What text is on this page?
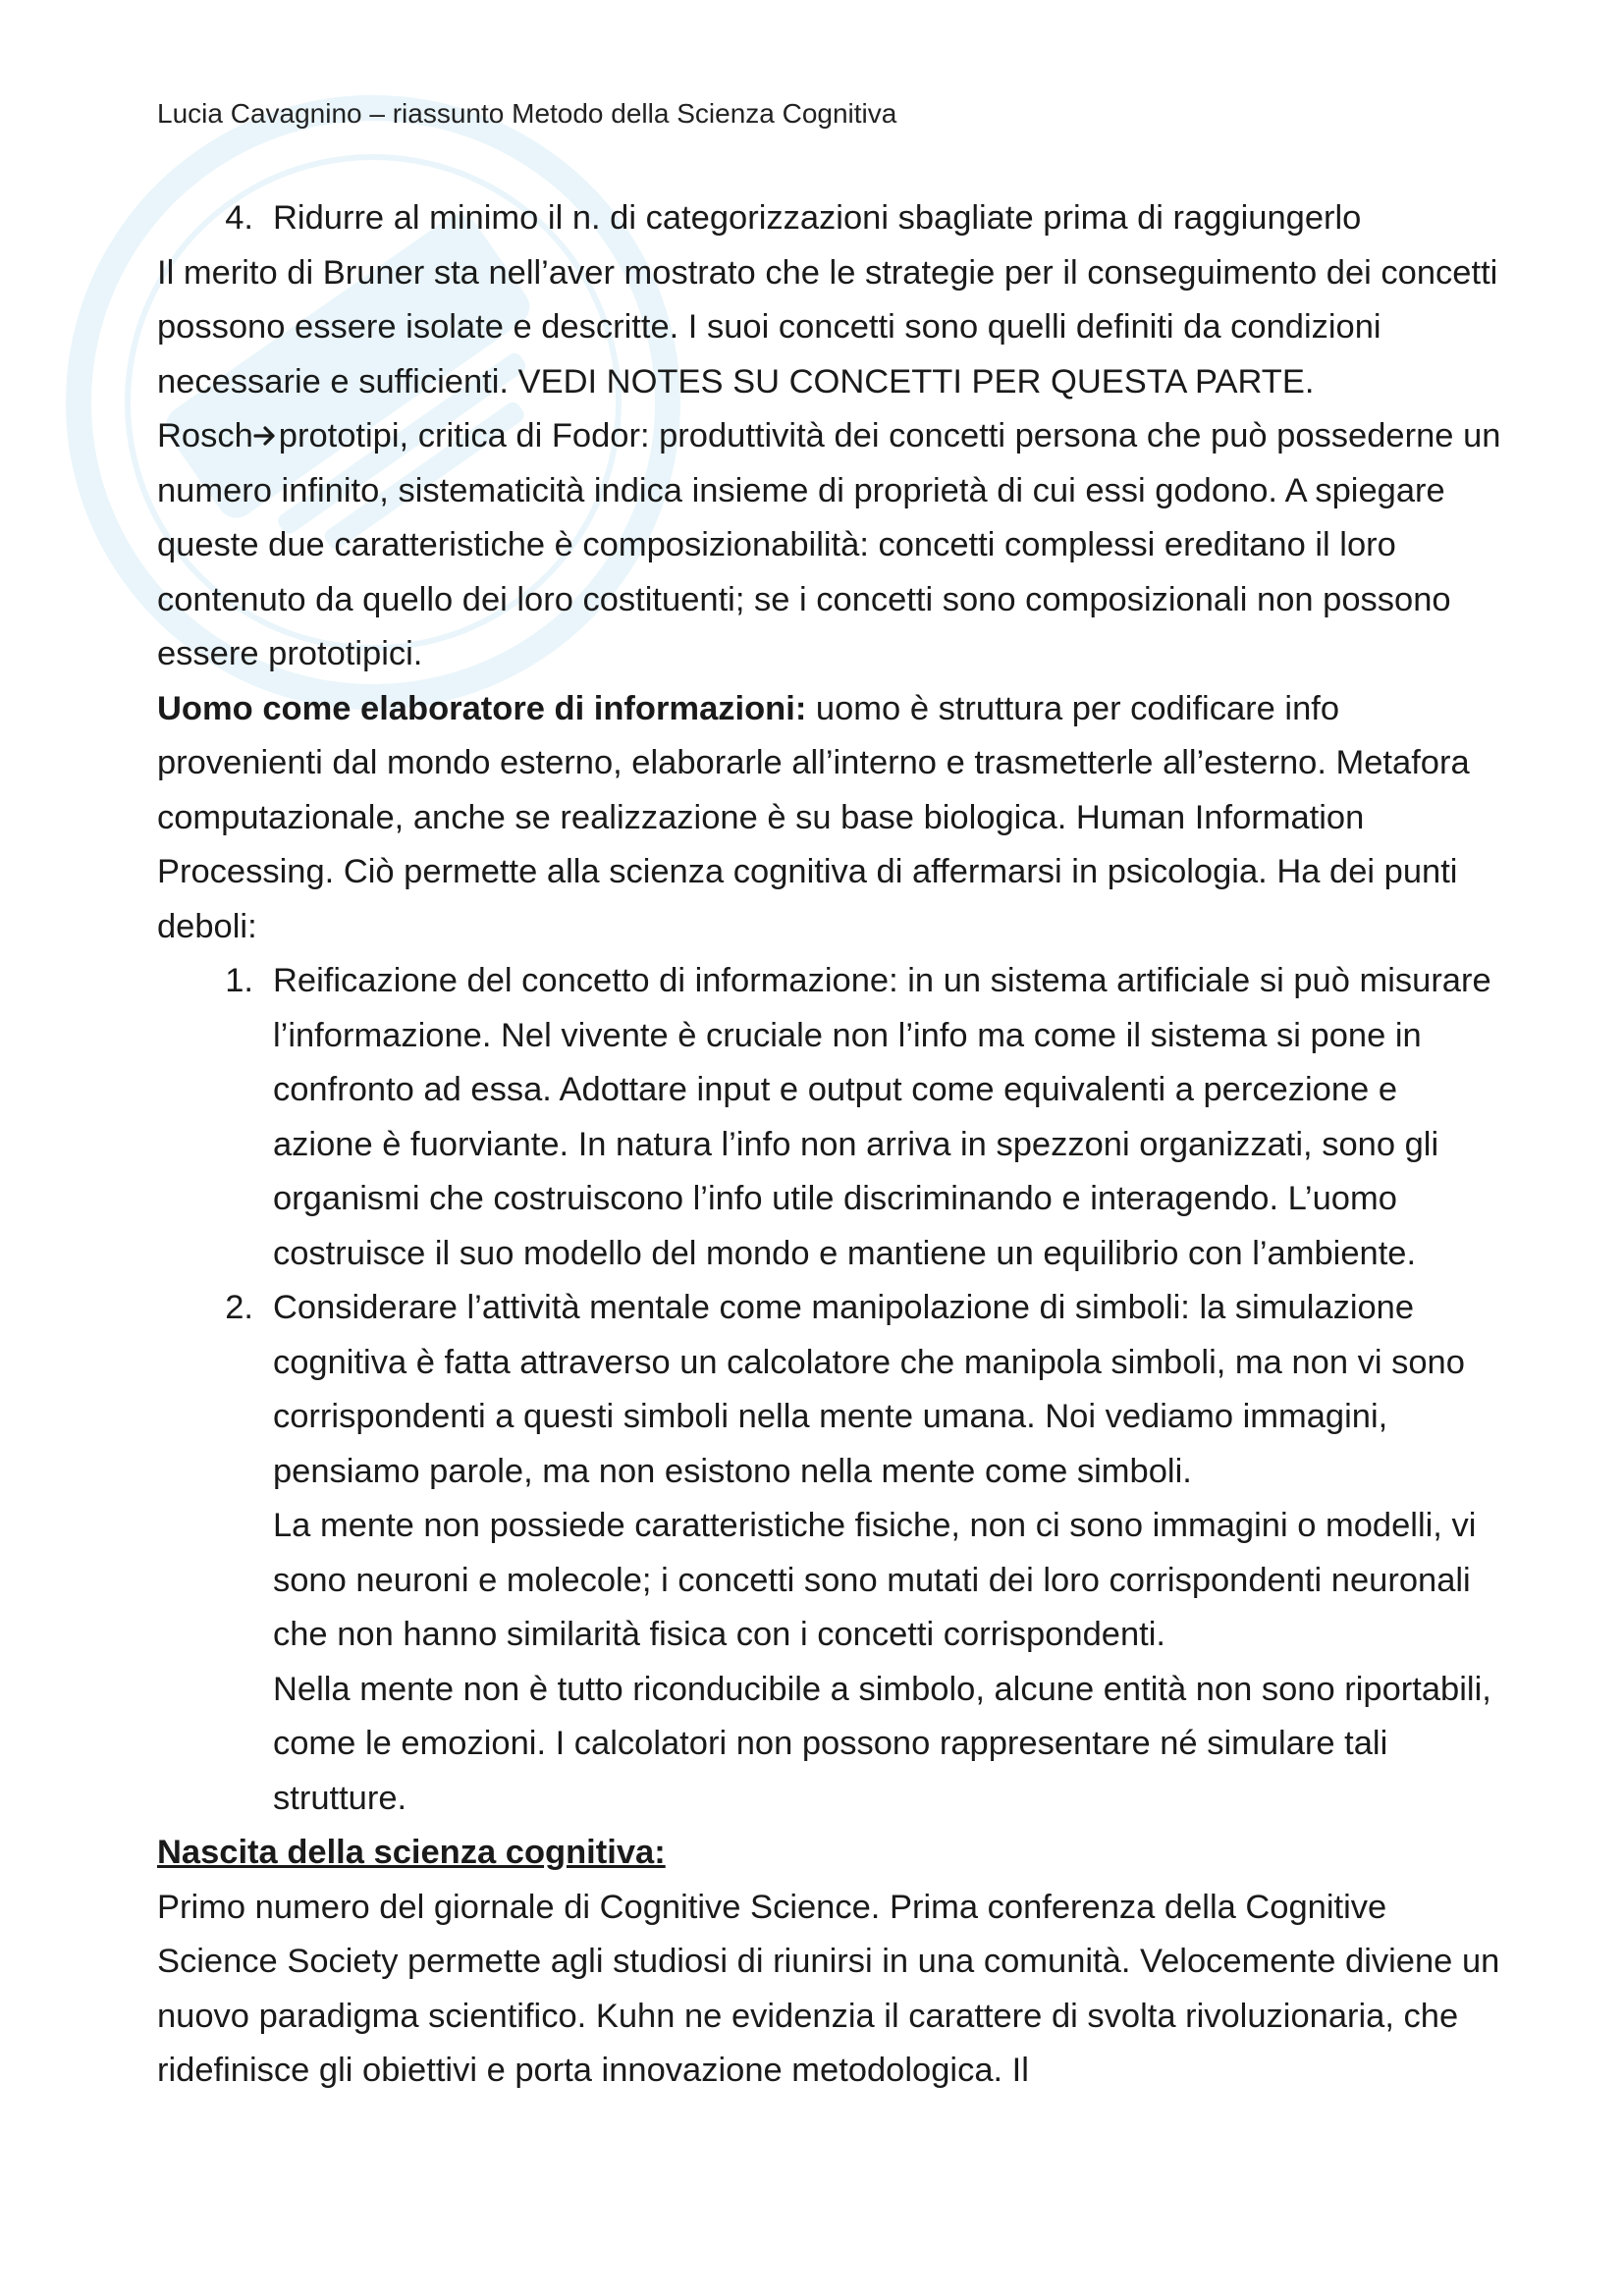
Lucia Cavagnino – riassunto Metodo della Scienza Cognitiva
4. Ridurre al minimo il n. di categorizzazioni sbagliate prima di raggiungerlo

Il merito di Bruner sta nell’aver mostrato che le strategie per il conseguimento dei concetti possono essere isolate e descritte. I suoi concetti sono quelli definiti da condizioni necessarie e sufficienti. VEDI NOTES SU CONCETTI PER QUESTA PARTE.

Rosch prototipi, critica di Fodor: produttività dei concetti persona che può possederne un numero infinito, sistematicità indica insieme di proprietà di cui essi godono. A spiegare queste due caratteristiche è composizionabilità: concetti complessi ereditano il loro contenuto da quello dei loro costituenti; se i concetti sono composizionali non possono essere prototipici.

Uomo come elaboratore di informazioni: uomo è struttura per codificare info provenienti dal mondo esterno, elaborarle all’interno e trasmetterle all’esterno. Metafora computazionale, anche se realizzazione è su base biologica. Human Information Processing. Ciò permette alla scienza cognitiva di affermarsi in psicologia. Ha dei punti deboli:

1. Reificazione del concetto di informazione: in un sistema artificiale si può misurare l’informazione. Nel vivente è cruciale non l’info ma come il sistema si pone in confronto ad essa. Adottare input e output come equivalenti a percezione e azione è fuorviante. In natura l’info non arriva in spezzoni organizzati, sono gli organismi che costruiscono l’info utile discriminando e interagendo. L’uomo costruisce il suo modello del mondo e mantiene un equilibrio con l’ambiente.

2. Considerare l’attività mentale come manipolazione di simboli: la simulazione cognitiva è fatta attraverso un calcolatore che manipola simboli, ma non vi sono corrispondenti a questi simboli nella mente umana. Noi vediamo immagini, pensiamo parole, ma non esistono nella mente come simboli.

La mente non possiede caratteristiche fisiche, non ci sono immagini o modelli, vi sono neuroni e molecole; i concetti sono mutati dei loro corrispondenti neuronali che non hanno similarità fisica con i concetti corrispondenti.

Nella mente non è tutto riconducibile a simbolo, alcune entità non sono riportabili, come le emozioni. I calcolatori non possono rappresentare né simulare tali strutture.

Nascita della scienza cognitiva:

Primo numero del giornale di Cognitive Science. Prima conferenza della Cognitive Science Society permette agli studiosi di riunirsi in una comunità. Velocemente diviene un nuovo paradigma scientifico. Kuhn ne evidenzia il carattere di svolta rivoluzionaria, che ridefinisce gli obiettivi e porta innovazione metodologica. Il
